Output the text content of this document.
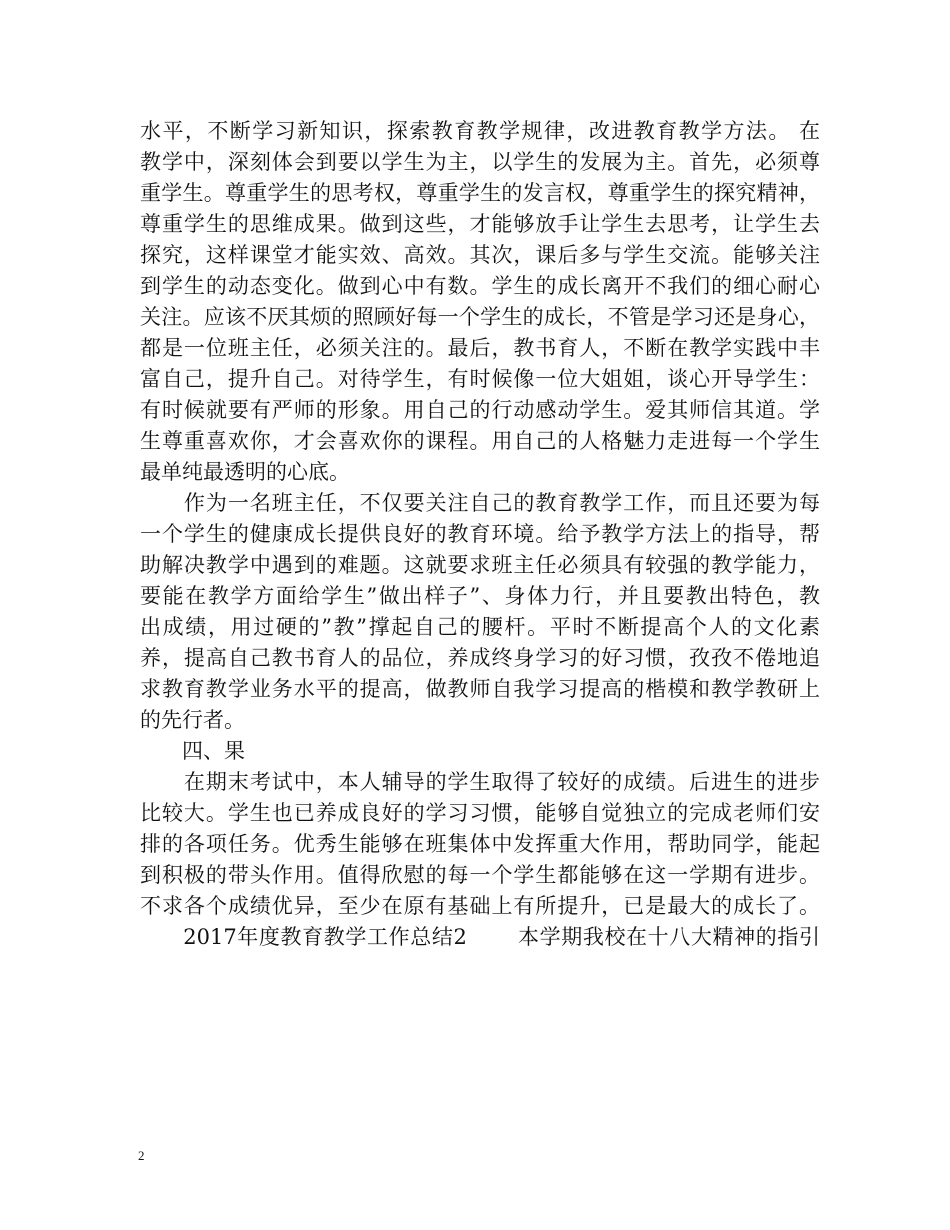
水平，不断学习新知识，探索教育教学规律，改进教育教学方法。 在
教学中，深刻体会到要以学生为主，以学生的发展为主。首先，必须尊
重学生。尊重学生的思考权，尊重学生的发言权，尊重学生的探究精神，
尊重学生的思维成果。做到这些，才能够放手让学生去思考，让学生去
探究，这样课堂才能实效、高效。其次，课后多与学生交流。能够关注
到学生的动态变化。做到心中有数。学生的成长离开不我们的细心耐心
关注。应该不厌其烦的照顾好每一个学生的成长，不管是学习还是身心，
都是一位班主任，必须关注的。最后，教书育人，不断在教学实践中丰
富自己，提升自己。对待学生，有时候像一位大姐姐，谈心开导学生：
有时候就要有严师的形象。用自己的行动感动学生。爱其师信其道。学
生尊重喜欢你，才会喜欢你的课程。用自己的人格魅力走进每一个学生
最单纯最透明的心底。
　　作为一名班主任，不仅要关注自己的教育教学工作，而且还要为每
一个学生的健康成长提供良好的教育环境。给予教学方法上的指导，帮
助解决教学中遇到的难题。这就要求班主任必须具有较强的教学能力，
要能在教学方面给学生”做出样子”、身体力行，并且要教出特色，教
出成绩，用过硬的”教”撑起自己的腰杆。平时不断提高个人的文化素
养，提高自己教书育人的品位，养成终身学习的好习惯，孜孜不倦地追
求教育教学业务水平的提高，做教师自我学习提高的楷模和教学教研上
的先行者。
　　四、果
　　在期末考试中，本人辅导的学生取得了较好的成绩。后进生的进步
比较大。学生也已养成良好的学习习惯，能够自觉独立的完成老师们安
排的各项任务。优秀生能够在班集体中发挥重大作用，帮助同学，能起
到积极的带头作用。值得欣慰的每一个学生都能够在这一学期有进步。
不求各个成绩优异，至少在原有基础上有所提升，已是最大的成长了。
　　2017年度教育教学工作总结2　　 本学期我校在十八大精神的指引
2
